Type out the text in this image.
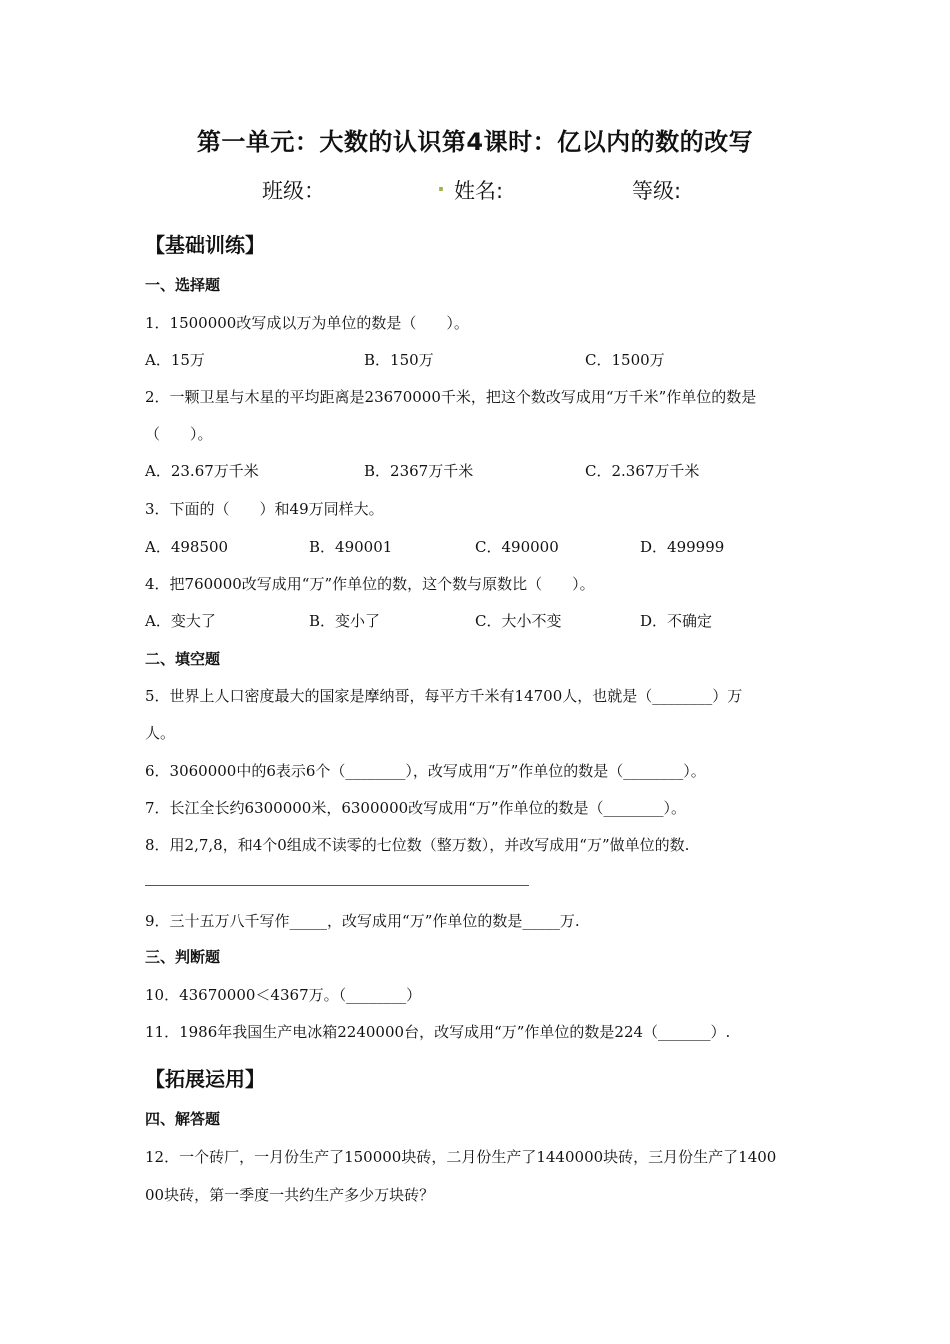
第一单元：大数的认识第4课时：亿以内的数的改写
班级：	. 姓名:	等级:
【基础训练】
一、选择题
1．1500000改写成以万为单位的数是（　　）。
A．15万	B．150万	C．1500万
2．一颗卫星与木星的平均距离是23670000千米，把这个数改写成用“万千米”作单位的数是
（　　）。
A．23.67万千米	B．2367万千米	C．2.367万千米
3．下面的（　　）和49万同样大。
A．498500	B．490001	C．490000	D．499999
4．把760000改写成用“万”作单位的数，这个数与原数比（　　）。
A．变大了	B．变小了	C．大小不变	D．不确定
二、填空题
5．世界上人口密度最大的国家是摩纳哥，每平方千米有14700人，也就是（________）万
人。
6．3060000中的6表示6个（________），改写成用“万”作单位的数是（________）。
7．长江全长约6300000米，6300000改写成用“万”作单位的数是（________）。
8．用2,7,8，和4个0组成不读零的七位数（整万数），并改写成用“万”做单位的数.
9．三十五万八千写作_____，改写成用“万”作单位的数是_____万.
三、判断题
10．43670000＜4367万。（________）
11．1986年我国生产电冰箱2240000台，改写成用“万”作单位的数是224（_______）.
【拓展运用】
四、解答题
12．一个砖厂，一月份生产了150000块砖，二月份生产了1440000块砖，三月份生产了1400
00块砖，第一季度一共约生产多少万块砖？
